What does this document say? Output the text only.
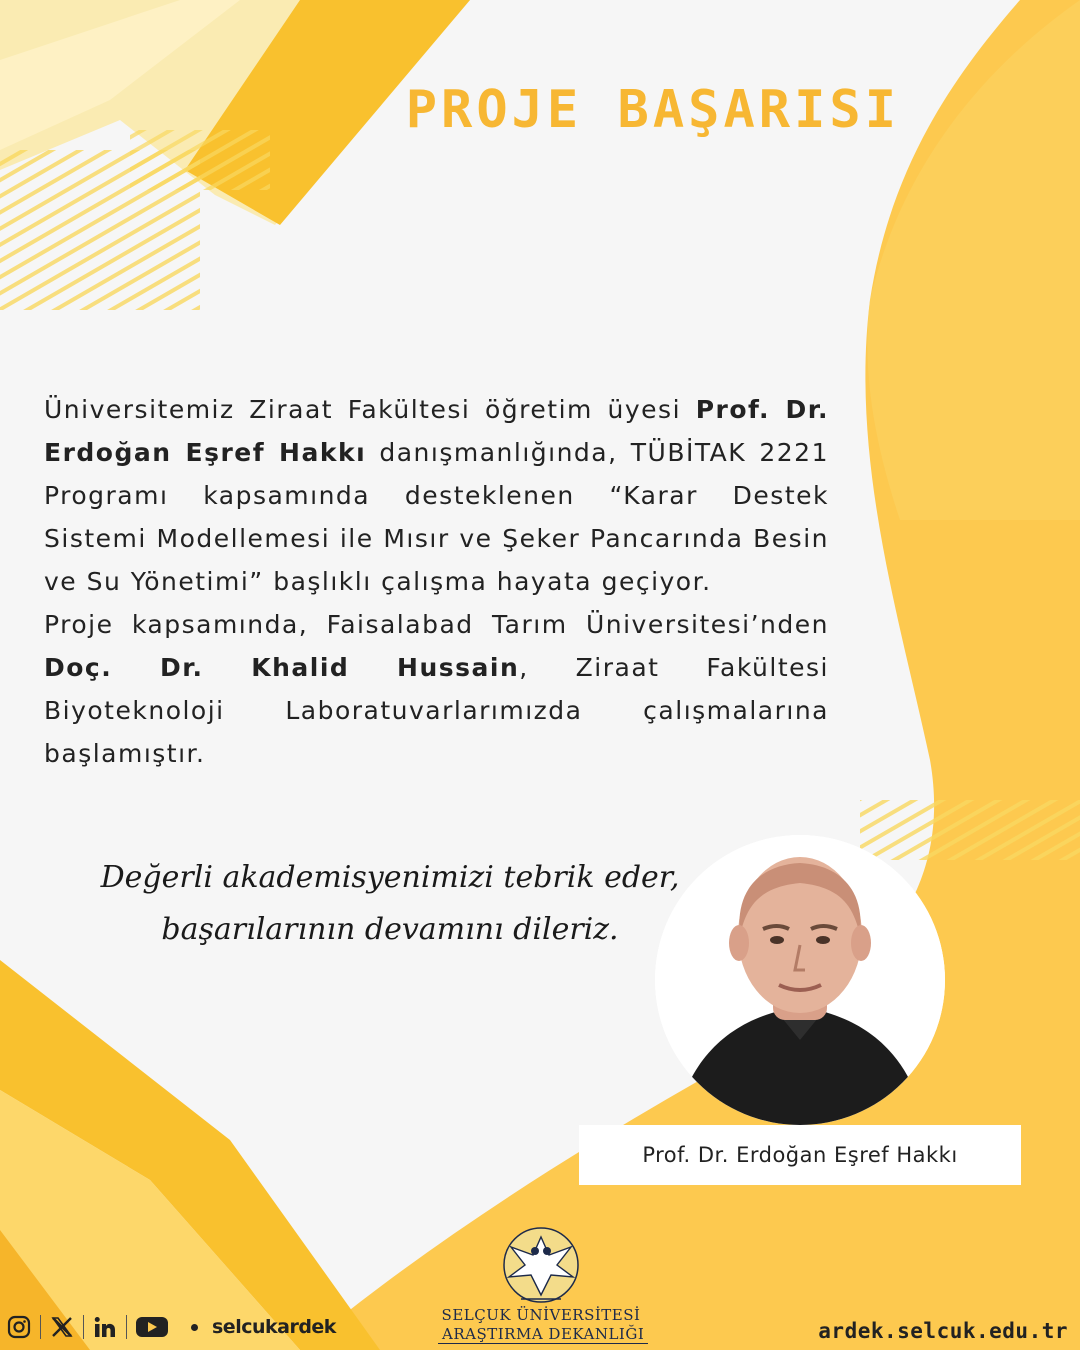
PROJE BAŞARISI

Üniversitemiz Ziraat Fakültesi öğretim üyesi Prof. Dr. Erdoğan Eşref Hakkı danışmanlığında, TÜBİTAK 2221 Programı kapsamında desteklenen “Karar Destek Sistemi Modellemesi ile Mısır ve Şeker Pancarında Besin ve Su Yönetimi” başlıklı çalışma hayata geçiyor.

Proje kapsamında, Faisalabad Tarım Üniversitesi’nden Doç. Dr. Khalid Hussain, Ziraat Fakültesi Biyoteknoloji Laboratuvarlarımızda çalışmalarına başlamıştır.

Değerli akademisyenimizi tebrik eder,
başarılarının devamını dileriz.
Prof. Dr. Erdoğan Eşref Hakkı
selcukardek
SELÇUK ÜNİVERSİTESİ
ARAŞTIRMA DEKANLIĞI	ardek.selcuk.edu.tr
